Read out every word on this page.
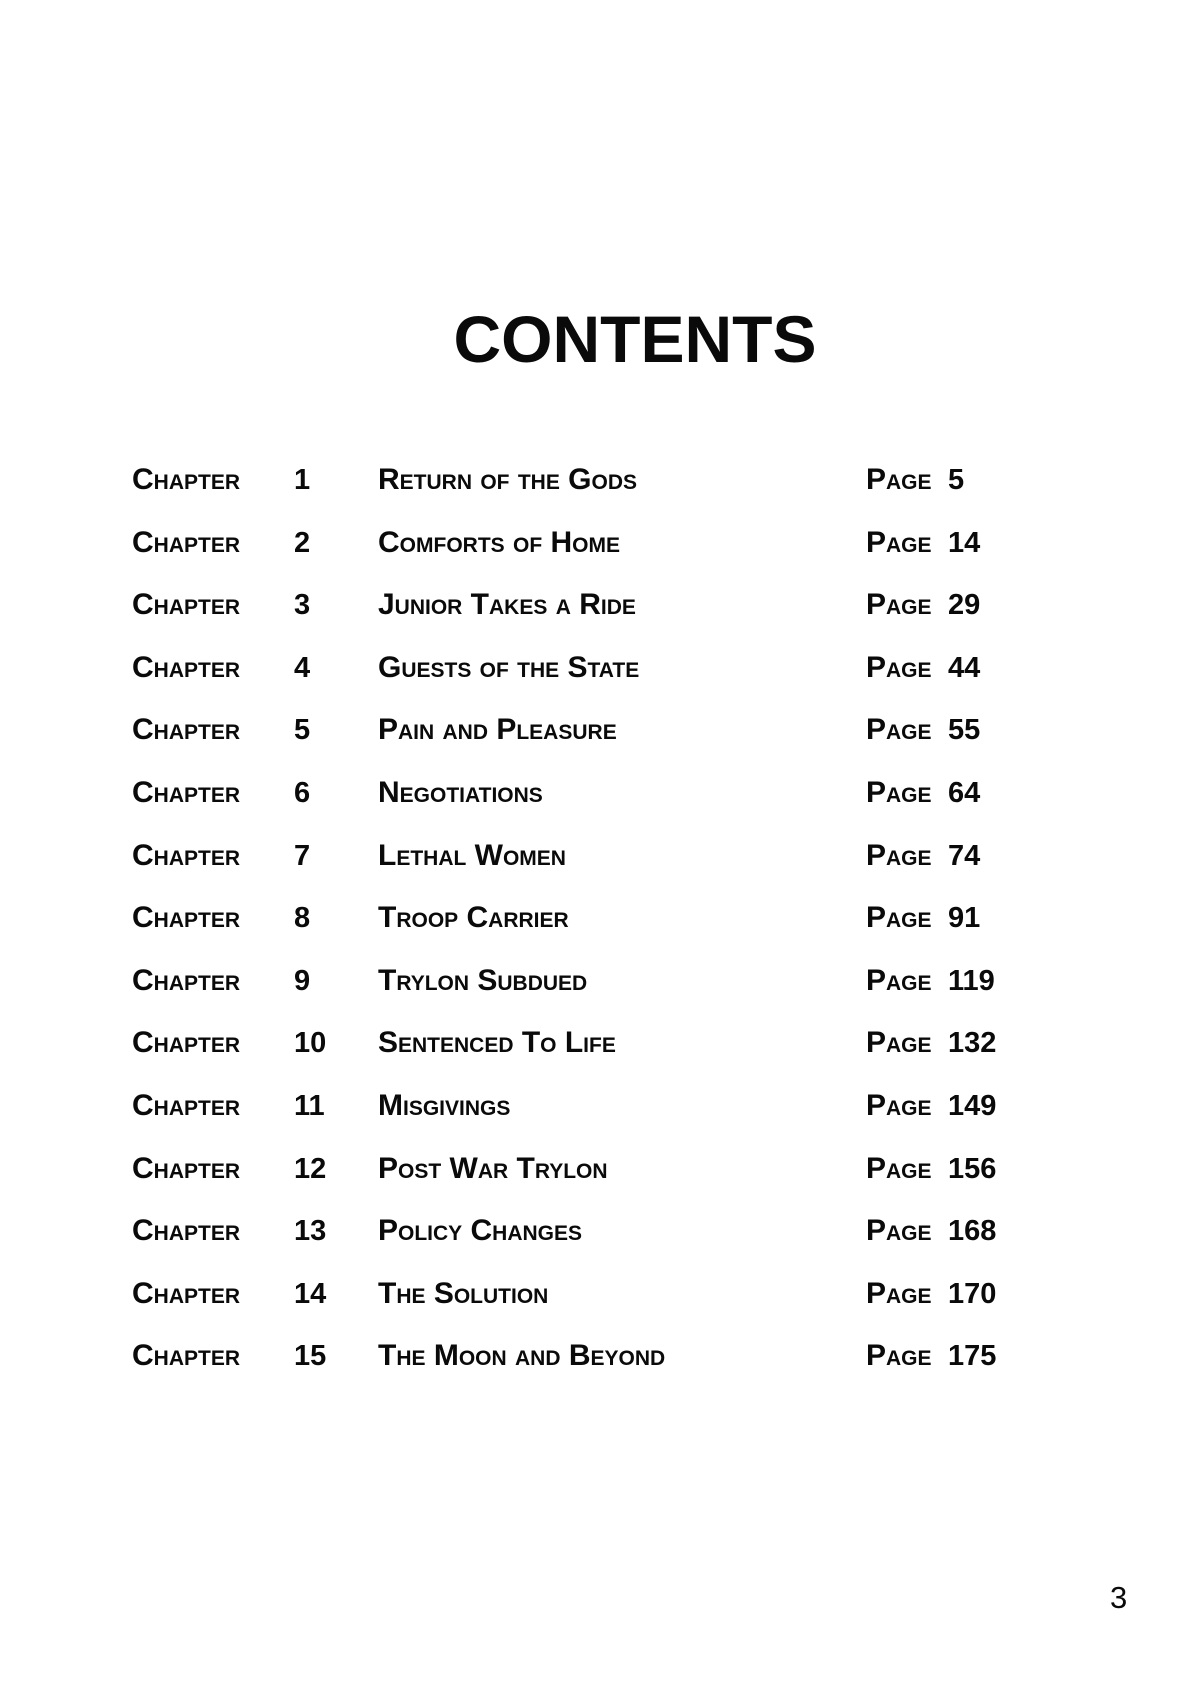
CONTENTS
Chapter 1 Return of the Gods	Page 5
Chapter 2 Comforts of Home	Page 14
Chapter 3 Junior Takes a Ride	Page 29
Chapter 4 Guests of the State	Page 44
Chapter 5 Pain and Pleasure	Page 55
Chapter 6 Negotiations	Page 64
Chapter 7 Lethal Women	Page 74
Chapter 8 Troop Carrier	Page 91
Chapter 9 Trylon Subdued	Page 119
Chapter 10 Sentenced To Life	Page 132
Chapter 11 Misgivings	Page 149
Chapter 12 Post War Trylon	Page 156
Chapter 13 Policy Changes	Page 168
Chapter 14 The Solution	Page 170
Chapter 15 The Moon and Beyond	Page 175
3
